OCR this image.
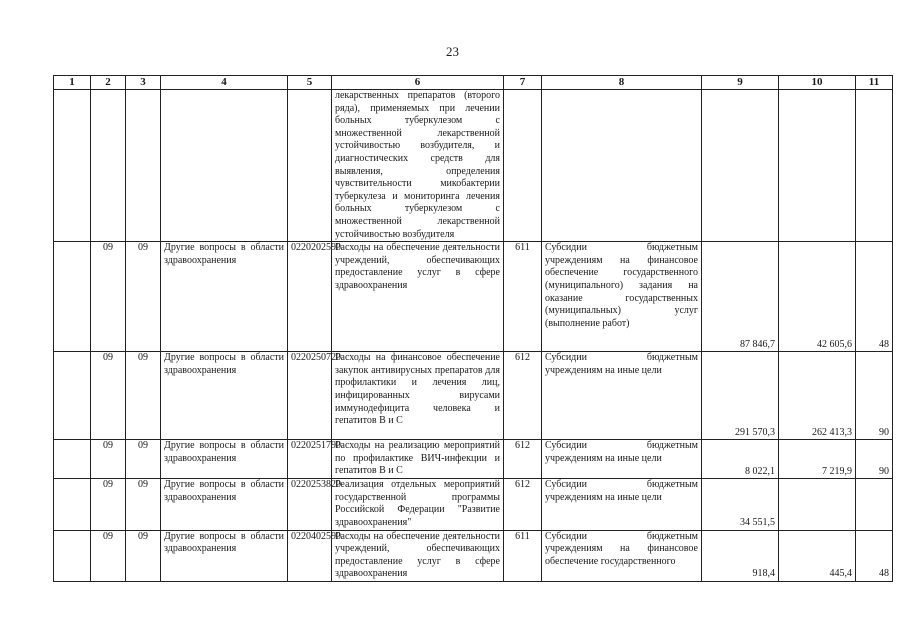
23
1	2	3	4	5	6	7	8	9	10	11
					лекарственных препаратов (второго ряда), применяемых при лечении больных туберкулезом с множественной лекарственной устойчивостью возбудителя, и диагностических средств для выявления, определения чувствительности микобактерии туберкулеза и мониторинга лечения больных туберкулезом с множественной лекарственной устойчивостью возбудителя					
	09	09	Другие вопросы в области здравоохранения	0220202590	Расходы на обеспечение деятельности учреждений, обеспечивающих предоставление услуг в сфере здравоохранения	611	Субсидии бюджетным учреждениям на финансовое обеспечение государственного (муниципального) задания на оказание государственных (муниципальных) услуг (выполнение работ)	87 846,7	42 605,6	48
	09	09	Другие вопросы в области здравоохранения	0220250720	Расходы на финансовое обеспечение закупок антивирусных препаратов для профилактики и лечения лиц, инфицированных вирусами иммунодефицита человека и гепатитов В и С	612	Субсидии бюджетным учреждениям на иные цели	291 570,3	262 413,3	90
	09	09	Другие вопросы в области здравоохранения	0220251790	Расходы на реализацию мероприятий по профилактике ВИЧ-инфекции и гепатитов В и С	612	Субсидии бюджетным учреждениям на иные цели	8 022,1	7 219,9	90
	09	09	Другие вопросы в области здравоохранения	0220253820	Реализация отдельных мероприятий государственной программы Российской Федерации "Развитие здравоохранения"	612	Субсидии бюджетным учреждениям на иные цели	34 551,5		
	09	09	Другие вопросы в области здравоохранения	0220402590	Расходы на обеспечение деятельности учреждений, обеспечивающих предоставление услуг в сфере здравоохранения	611	Субсидии бюджетным учреждениям на финансовое обеспечение государственного	918,4	445,4	48
